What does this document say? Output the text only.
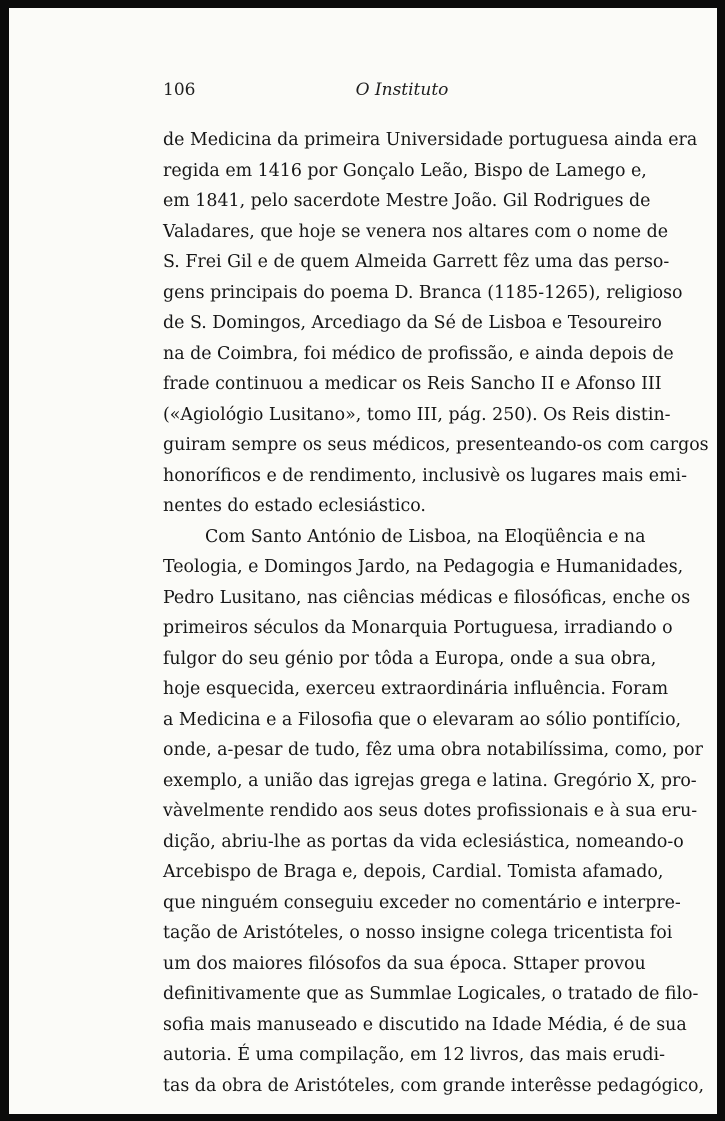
106	O Instituto
de Medicina da primeira Universidade portuguesa ainda era
regida em 1416 por Gonçalo Leão, Bispo de Lamego e,
em 1841, pelo sacerdote Mestre João. Gil Rodrigues de
Valadares, que hoje se venera nos altares com o nome de
S. Frei Gil e de quem Almeida Garrett fêz uma das perso-
gens principais do poema D. Branca (1185-1265), religioso
de S. Domingos, Arcediago da Sé de Lisboa e Tesoureiro
na de Coimbra, foi médico de profissão, e ainda depois de
frade continuou a medicar os Reis Sancho II e Afonso III
(«Agiológio Lusitano», tomo III, pág. 250). Os Reis distin-
guiram sempre os seus médicos, presenteando-os com cargos
honoríficos e de rendimento, inclusivè os lugares mais emi-
nentes do estado eclesiástico.
Com Santo António de Lisboa, na Eloqüência e na
Teologia, e Domingos Jardo, na Pedagogia e Humanidades,
Pedro Lusitano, nas ciências médicas e filosóficas, enche os
primeiros séculos da Monarquia Portuguesa, irradiando o
fulgor do seu génio por tôda a Europa, onde a sua obra,
hoje esquecida, exerceu extraordinária influência. Foram
a Medicina e a Filosofia que o elevaram ao sólio pontifício,
onde, a-pesar de tudo, fêz uma obra notabilíssima, como, por
exemplo, a união das igrejas grega e latina. Gregório X, pro-
vàvelmente rendido aos seus dotes profissionais e à sua eru-
dição, abriu-lhe as portas da vida eclesiástica, nomeando-o
Arcebispo de Braga e, depois, Cardial. Tomista afamado,
que ninguém conseguiu exceder no comentário e interpre-
tação de Aristóteles, o nosso insigne colega tricentista foi
um dos maiores filósofos da sua época. Sttaper provou
definitivamente que as Summlae Logicales, o tratado de filo-
sofia mais manuseado e discutido na Idade Média, é de sua
autoria. É uma compilação, em 12 livros, das mais erudi-
tas da obra de Aristóteles, com grande interêsse pedagógico,
